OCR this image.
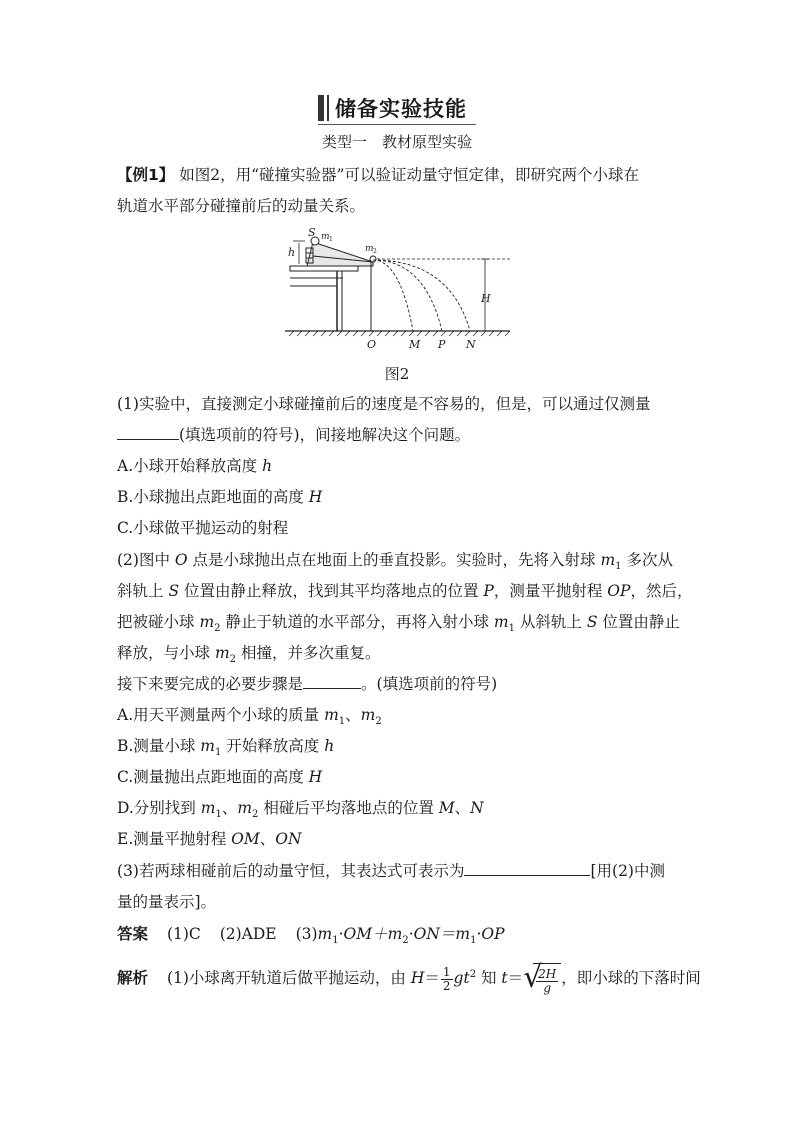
储备实验技能
类型一　教材原型实验
【例1】 如图2，用“碰撞实验器”可以验证动量守恒定律，即研究两个小球在
轨道水平部分碰撞前后的动量关系。
S m 1
m 2
h
H
O	M P N
图2
(1)实验中，直接测定小球碰撞前后的速度是不容易的，但是，可以通过仅测量
(填选项前的符号)，间接地解决这个问题。
A.小球开始释放高度 h
B.小球抛出点距地面的高度 H
C.小球做平抛运动的射程
(2)图中 O 点是小球抛出点在地面上的垂直投影。实验时，先将入射球 $m_1$ 多次从
斜轨上 S 位置由静止释放，找到其平均落地点的位置 P，测量平抛射程 OP，然后，
把被碰小球 $m_2$ 静止于轨道的水平部分，再将入射小球 $m_1$ 从斜轨上 S 位置由静止
释放，与小球 $m_2$ 相撞，并多次重复。
接下来要完成的必要步骤是	。(填选项前的符号)
A.用天平测量两个小球的质量 $m_1$、$m_2$
B.测量小球 $m_1$ 开始释放高度 h
C.测量抛出点距地面的高度 H
D.分别找到 $m_1$、$m_2$ 相碰后平均落地点的位置 M、N
E.测量平抛射程 OM、ON
(3)若两球相碰前后的动量守恒，其表达式可表示为	[用(2)中测
量的量表示]。
答案 (1)C (2)ADE $(3)m_1\cdot OM+m_2\cdot ON=m_1\cdot OP$
解析 (1)小球离开轨道后做平抛运动，由 $H= \frac{1}{2} gt^2$ 知 t＝ √
$\frac{2H}{g}$ ，即小球的下落时间
